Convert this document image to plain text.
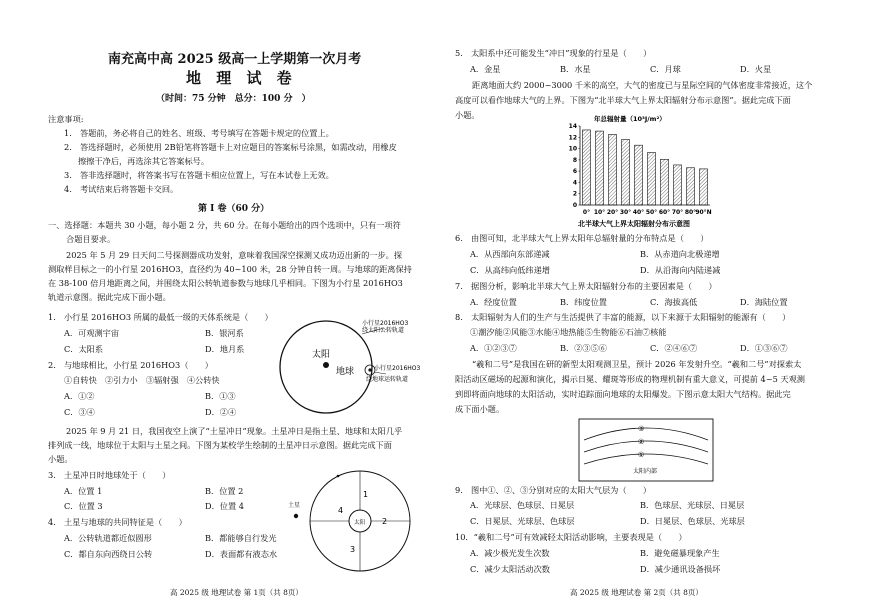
南充高中高 2025 级高一上学期第一次月考
地 理 试 卷
（时间：75 分钟　总分：100 分　）
注意事项:
1.　答题前，务必将自己的姓名、班级、考号填写在答题卡规定的位置上。
2.　答选择题时，必须使用 2B铅笔将答题卡上对应题目的答案标号涂黑，如需改动，用橡皮
擦擦干净后，再选涂其它答案标号。
3.　答非选择题时，将答案书写在答题卡相应位置上，写在本试卷上无效。
4.　考试结束后将答题卡交回。
第 I 卷（60 分）
一、选择题：本题共 30 小题，每小题 2 分，共 60 分。在每小题给出的四个选项中，只有一项符
合题目要求。
2025 年 5 月 29 日天问二号探测器成功发射，意味着我国深空探测又成功迈出新的一步。探
测取样目标之一的小行星 2016HO3，直径约为 40~100 米，28 分钟自转一周。与地球的距离保持
在 38-100 倍月地距离之间，并围绕太阳公转轨道参数与地球几乎相同。下图为小行星 2016HO3
轨道示意图。据此完成下面小题。
1.　小行星 2016HO3 所属的最低一级的天体系统是（　　）
A．可观测宇宙	B．银河系
C．太阳系	D．地月系
2.　与地球相比，小行星 2016HO3（　　）
①自转快　②引力小　③辐射强　④公转快
A．①②	B．①③
C．③④	D．②④
太阳
地球
小行星2016HO3
绕太阳公转轨道
小行星2016HO3
绕地球运转轨道
2025 年 9 月 21 日，我国夜空上演了“土星冲日”现象。土星冲日是指土星、地球和太阳几乎
排列成一线，地球位于太阳与土星之间。下图为某校学生绘制的土星冲日示意图。据此完成下面
小题。
3.　土星冲日时地球处于（　　）
A．位置 1	B．位置 2
C．位置 3	D．位置 4
4.　土星与地球的共同特征是（　　）
A．公转轨道都近似圆形	B．都能够自行发光
C．都自东向西绕日公转	D．表面都有液态水
太阳
土星
1
2
3
4
高 2025 级 地理试卷 第 1页（共 8页）
5.　太阳系中还可能发生“冲日”现象的行星是（　　）
A．金星	B．水星	C．月球	D．火星
距离地面大约 2000~3000 千米的高空，大气的密度已与星际空间的气体密度非常接近，这个
高度可以看作地球大气的上界。下图为“北半球大气上界太阳辐射分布示意图”。据此完成下面
小题。	年总辐射量（10³J/m²）
0
2
4
6
8
10
12
14
0° 10° 20° 30° 40° 50° 60° 70° 80° 90°N
北半球大气上界太阳辐射分布示意图
6.　由图可知，北半球大气上界太阳年总辐射量的分布特点是（　　）
A．从西部向东部递减	B．从赤道向北极递增
C．从高纬向低纬递增	D．从沿海向内陆递减
7.　据图分析，影响北半球大气上界太阳辐射分布的主要因素是（　　）
A．经度位置	B．纬度位置	C．海拔高低	D．海陆位置
8.　太阳辐射为人们的生产与生活提供了丰富的能源，以下来源于太阳辐射的能源有（　　）
①潮汐能②风能③水能④地热能⑤生物能⑥石油⑦核能
A．①②③⑦	B．②③⑤⑥	C．②④⑥⑦	D．①③⑥⑦
“羲和二号”是我国在研的新型太阳观测卫星，预计 2026 年发射升空。“羲和二号”对探索太
阳活动区磁场的起源和演化，揭示日冕、耀斑等形成的物理机制有重大意义，可提前 4~5 天观测
到即将面向地球的太阳活动，实时追踪面向地球的太阳爆发。下图示意太阳大气结构。据此完
成下面小题。
③
②
①
太阳内部
9.　图中①、②、③分别对应的太阳大气层为（　　）
A．光球层、色球层、日冕层	B．色球层、光球层、日冕层
C．日冕层、光球层、色球层	D．日冕层、色球层、光球层
10．“羲和二号”可有效减轻太阳活动影响，主要表现是（　　）
A．减少极光发生次数	B．避免磁暴现象产生
C．减少太阳活动次数	D．减少通讯设备损坏
高 2025 级 地理试卷 第 2页（共 8页）
